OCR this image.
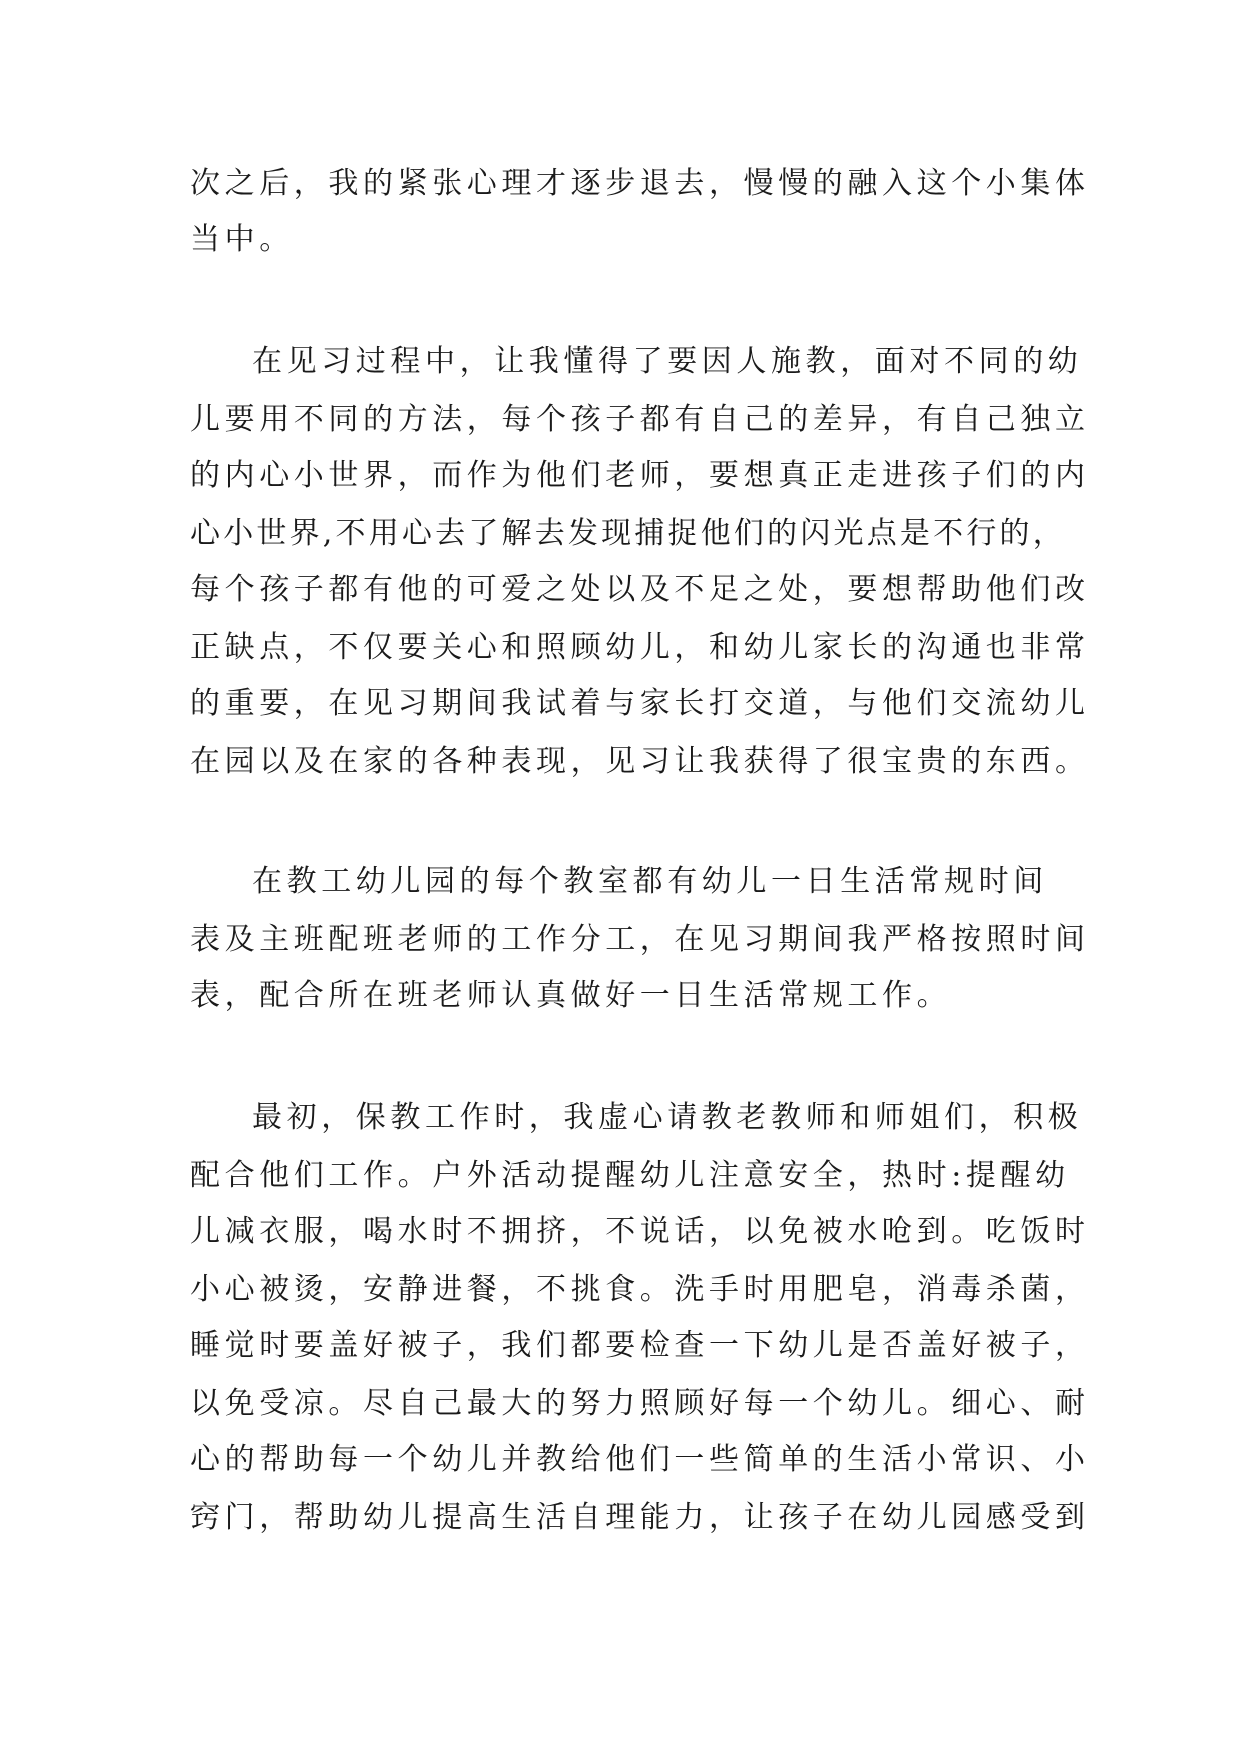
次之后，我的紧张心理才逐步退去，慢慢的融入这个小集体

当中。

在见习过程中，让我懂得了要因人施教，面对不同的幼

儿要用不同的方法，每个孩子都有自己的差异，有自己独立

的内心小世界，而作为他们老师，要想真正走进孩子们的内

心小世界,不用心去了解去发现捕捉他们的闪光点是不行的，

每个孩子都有他的可爱之处以及不足之处，要想帮助他们改

正缺点，不仅要关心和照顾幼儿，和幼儿家长的沟通也非常

的重要，在见习期间我试着与家长打交道，与他们交流幼儿

在园以及在家的各种表现，见习让我获得了很宝贵的东西。

在教工幼儿园的每个教室都有幼儿一日生活常规时间

表及主班配班老师的工作分工，在见习期间我严格按照时间

表，配合所在班老师认真做好一日生活常规工作。

最初，保教工作时，我虚心请教老教师和师姐们，积极

配合他们工作。户外活动提醒幼儿注意安全，热时:提醒幼

儿减衣服，喝水时不拥挤，不说话，以免被水呛到。吃饭时

小心被烫，安静进餐，不挑食。洗手时用肥皂，消毒杀菌，

睡觉时要盖好被子，我们都要检查一下幼儿是否盖好被子，

以免受凉。尽自己最大的努力照顾好每一个幼儿。细心、耐

心的帮助每一个幼儿并教给他们一些简单的生活小常识、小

窍门，帮助幼儿提高生活自理能力，让孩子在幼儿园感受到
